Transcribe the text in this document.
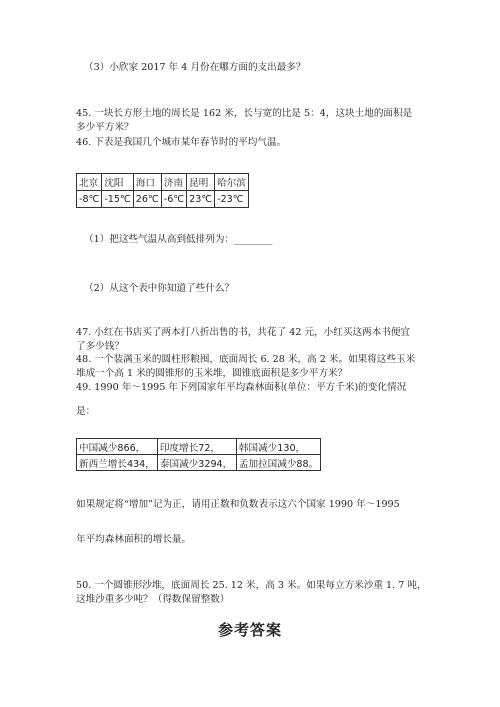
（3）小欣家 2017 年 4 月份在哪方面的支出最多？
45. 一块长方形土地的周长是 162 米，长与宽的比是 5：4，这块土地的面积是
多少平方米？
46. 下表是我国几个城市某年春节时的平均气温。
北京	沈阳	海口	济南	昆明	哈尔滨
-8℃	-15℃	26℃	-6℃	23℃	-23℃
（1）把这些气温从高到低排列为：________
（2）从这个表中你知道了些什么？
47. 小红在书店买了两本打八折出售的书，共花了 42 元，小红买这两本书便宜
了多少钱？
48. 一个装满玉米的圆柱形粮囤，底面周长 6. 28 米，高 2 米。如果将这些玉米
堆成一个高 1 米的圆锥形的玉米堆，圆锥底面积是多少平方米？
49. 1990 年～1995 年下列国家年平均森林面积(单位：平方千米)的变化情况
是：
中国减少866，	印度增长72，	韩国减少130，
新西兰增长434，	泰国减少3294，	孟加拉国减少88。
如果规定将“增加”记为正，请用正数和负数表示这六个国家 1990 年～1995
年平均森林面积的增长量。
50. 一个圆锥形沙堆，底面周长 25. 12 米，高 3 米。如果每立方米沙重 1. 7 吨，
这堆沙重多少吨？（得数保留整数）
参考答案
